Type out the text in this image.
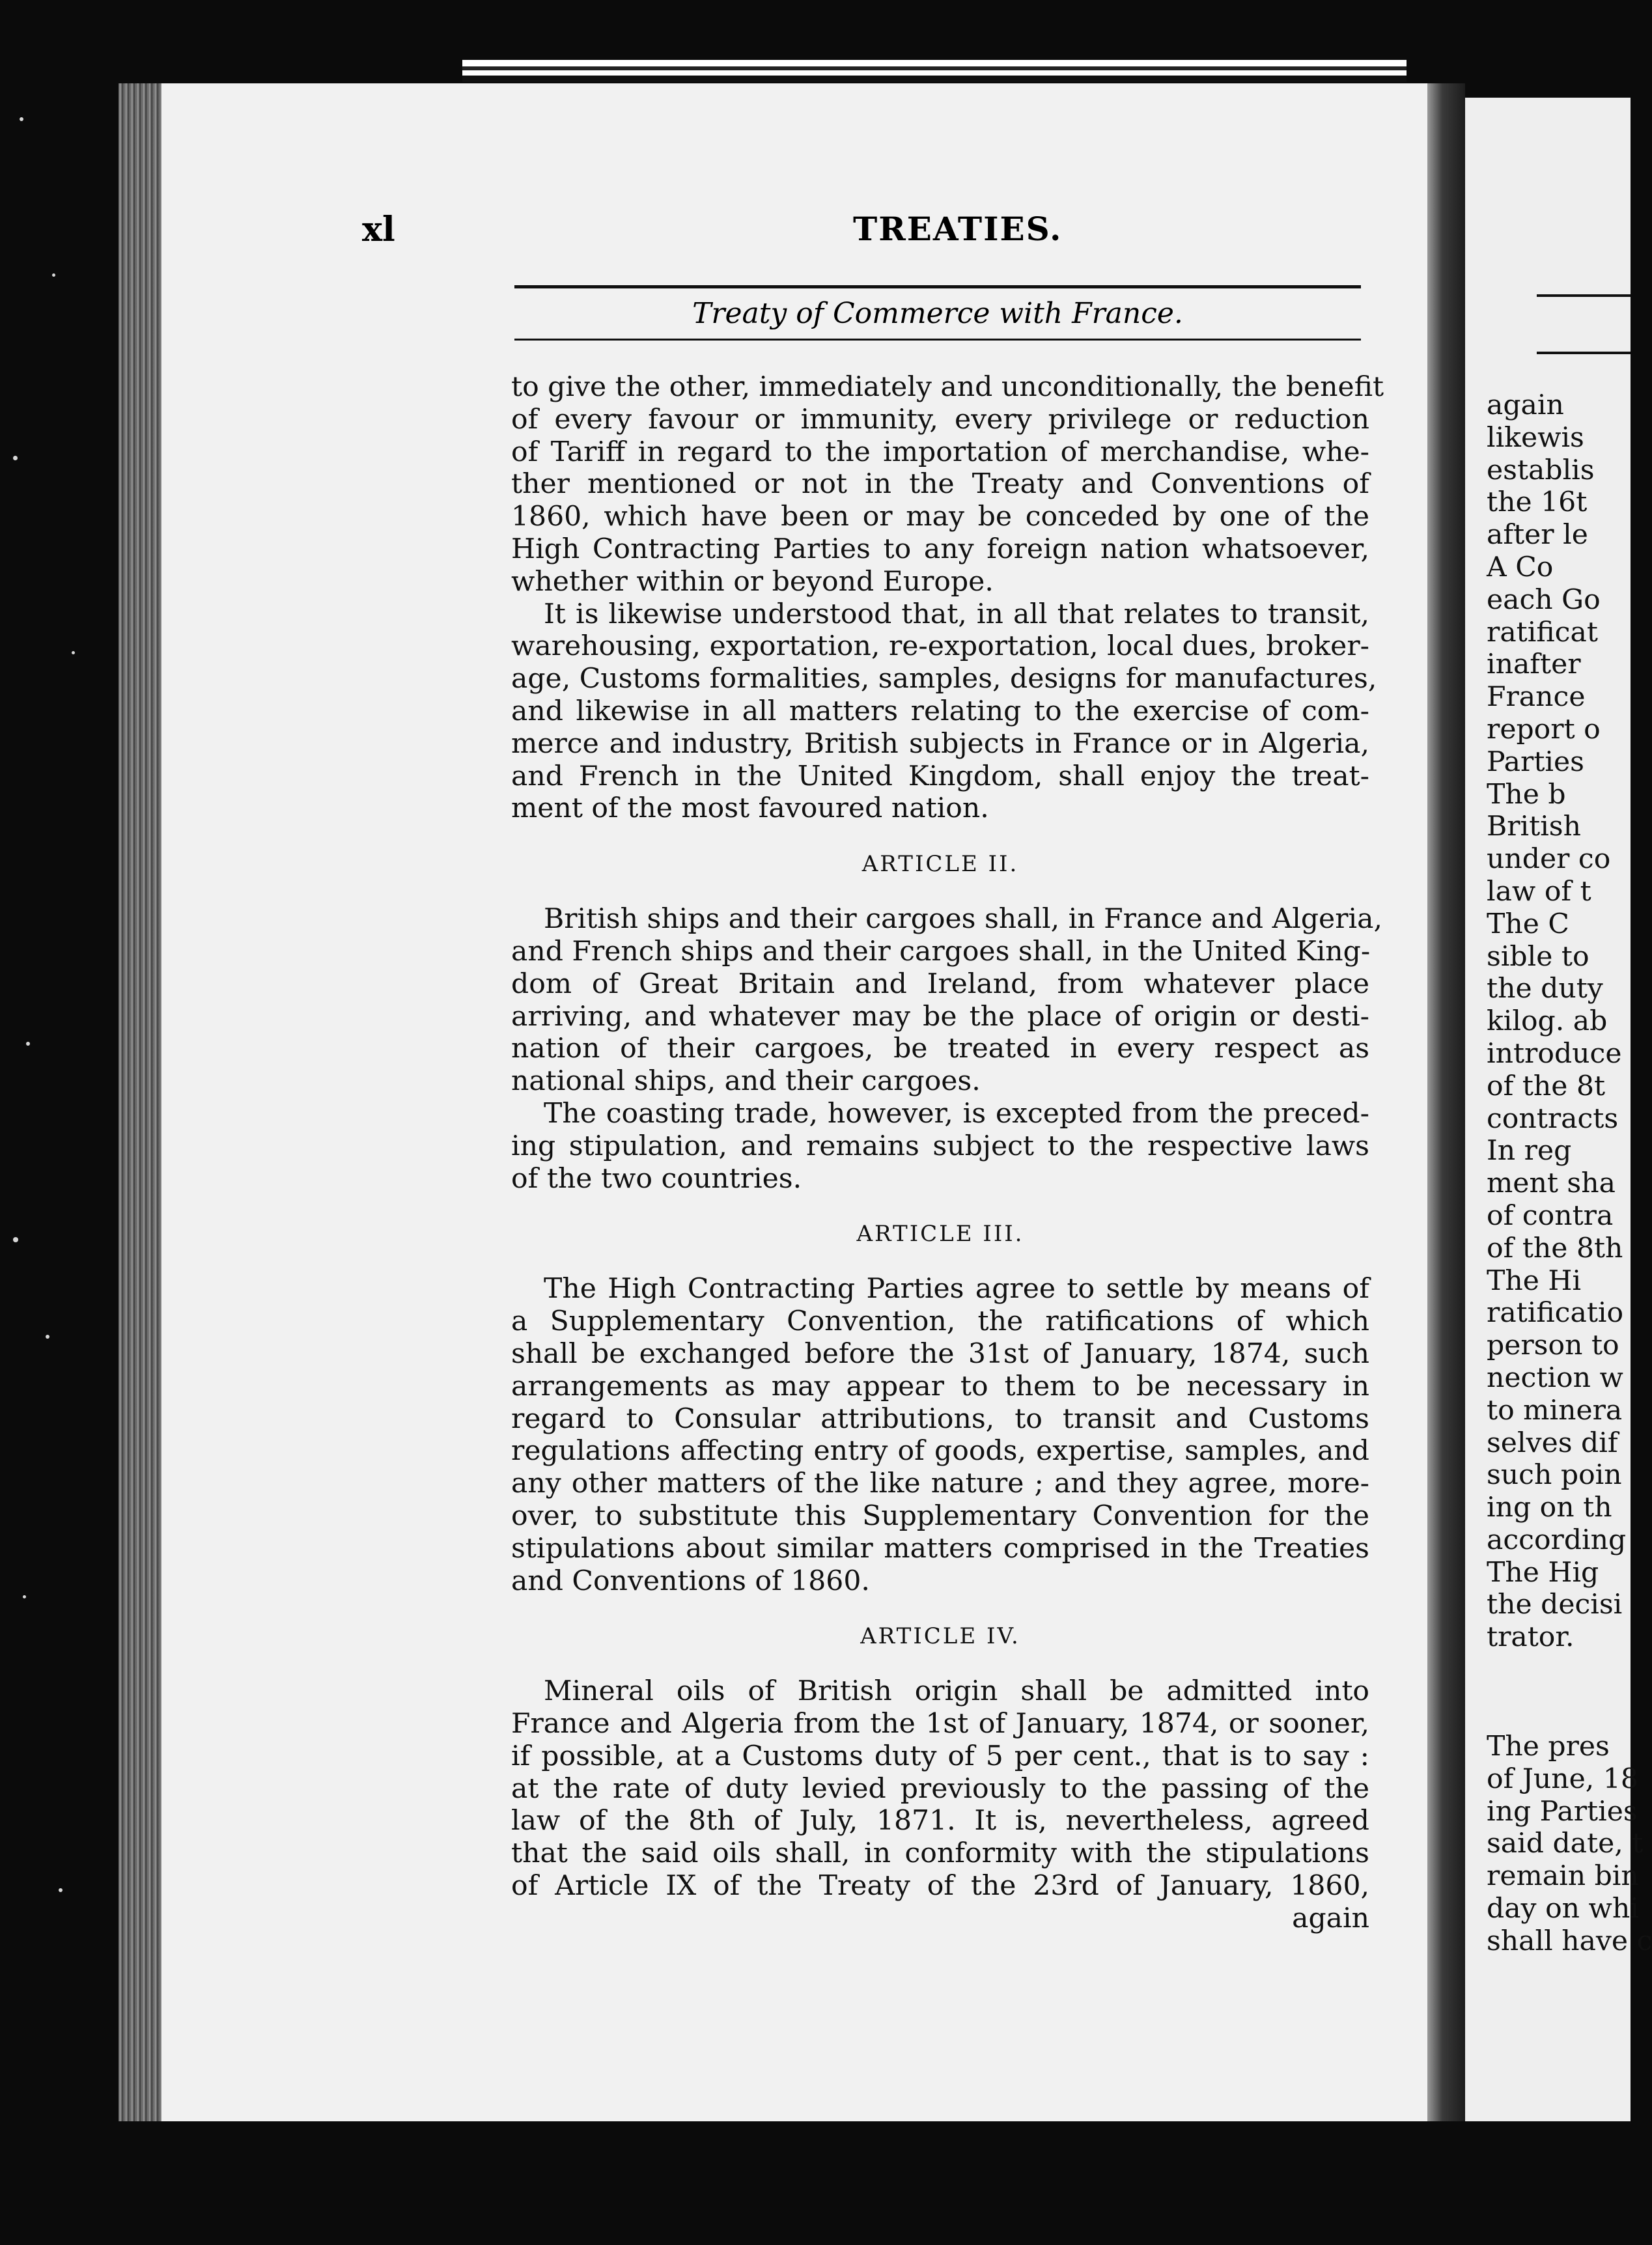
xl	TREATIES.
Treaty of Commerce with France.
to give the other, immediately and unconditionally, the benefit
of every favour or immunity, every privilege or reduction
of Tariff in regard to the importation of merchandise, whe-
ther mentioned or not in the Treaty and Conventions of
1860, which have been or may be conceded by one of the
High Contracting Parties to any foreign nation whatsoever,
whether within or beyond Europe.
It is likewise understood that, in all that relates to transit,
warehousing, exportation, re-exportation, local dues, broker-
age, Customs formalities, samples, designs for manufactures,
and likewise in all matters relating to the exercise of com-
merce and industry, British subjects in France or in Algeria,
and French in the United Kingdom, shall enjoy the treat-
ment of the most favoured nation.
ARTICLE II.
British ships and their cargoes shall, in France and Algeria,
and French ships and their cargoes shall, in the United King-
dom of Great Britain and Ireland, from whatever place
arriving, and whatever may be the place of origin or desti-
nation of their cargoes, be treated in every respect as
national ships, and their cargoes.
The coasting trade, however, is excepted from the preced-
ing stipulation, and remains subject to the respective laws
of the two countries.
ARTICLE III.
The High Contracting Parties agree to settle by means of
a Supplementary Convention, the ratifications of which
shall be exchanged before the 31st of January, 1874, such
arrangements as may appear to them to be necessary in
regard to Consular attributions, to transit and Customs
regulations affecting entry of goods, expertise, samples, and
any other matters of the like nature ; and they agree, more-
over, to substitute this Supplementary Convention for the
stipulations about similar matters comprised in the Treaties
and Conventions of 1860.
ARTICLE IV.
Mineral oils of British origin shall be admitted into
France and Algeria from the 1st of January, 1874, or sooner,
if possible, at a Customs duty of 5 per cent., that is to say :
at the rate of duty levied previously to the passing of the
law of the 8th of July, 1871. It is, nevertheless, agreed
that the said oils shall, in conformity with the stipulations
of Article IX of the Treaty of the 23rd of January, 1860,
again
again
likewis
establis
the 16t
after le
A Co
each Go
ratificat
inafter
France
report o
Parties
The b
British
under co
law of t
The C
sible to
the duty
kilog. ab
introduce
of the 8t
contracts
In reg
ment sha
of contra
of the 8th
The Hi
ratificatio
person to
nection w
to minera
selves dif
such poin
ing on th
according
The Hig
the decisi
trator.
The pres
of June, 18
ing Parties
said date, t
remain bin
day on whi
shall have c
